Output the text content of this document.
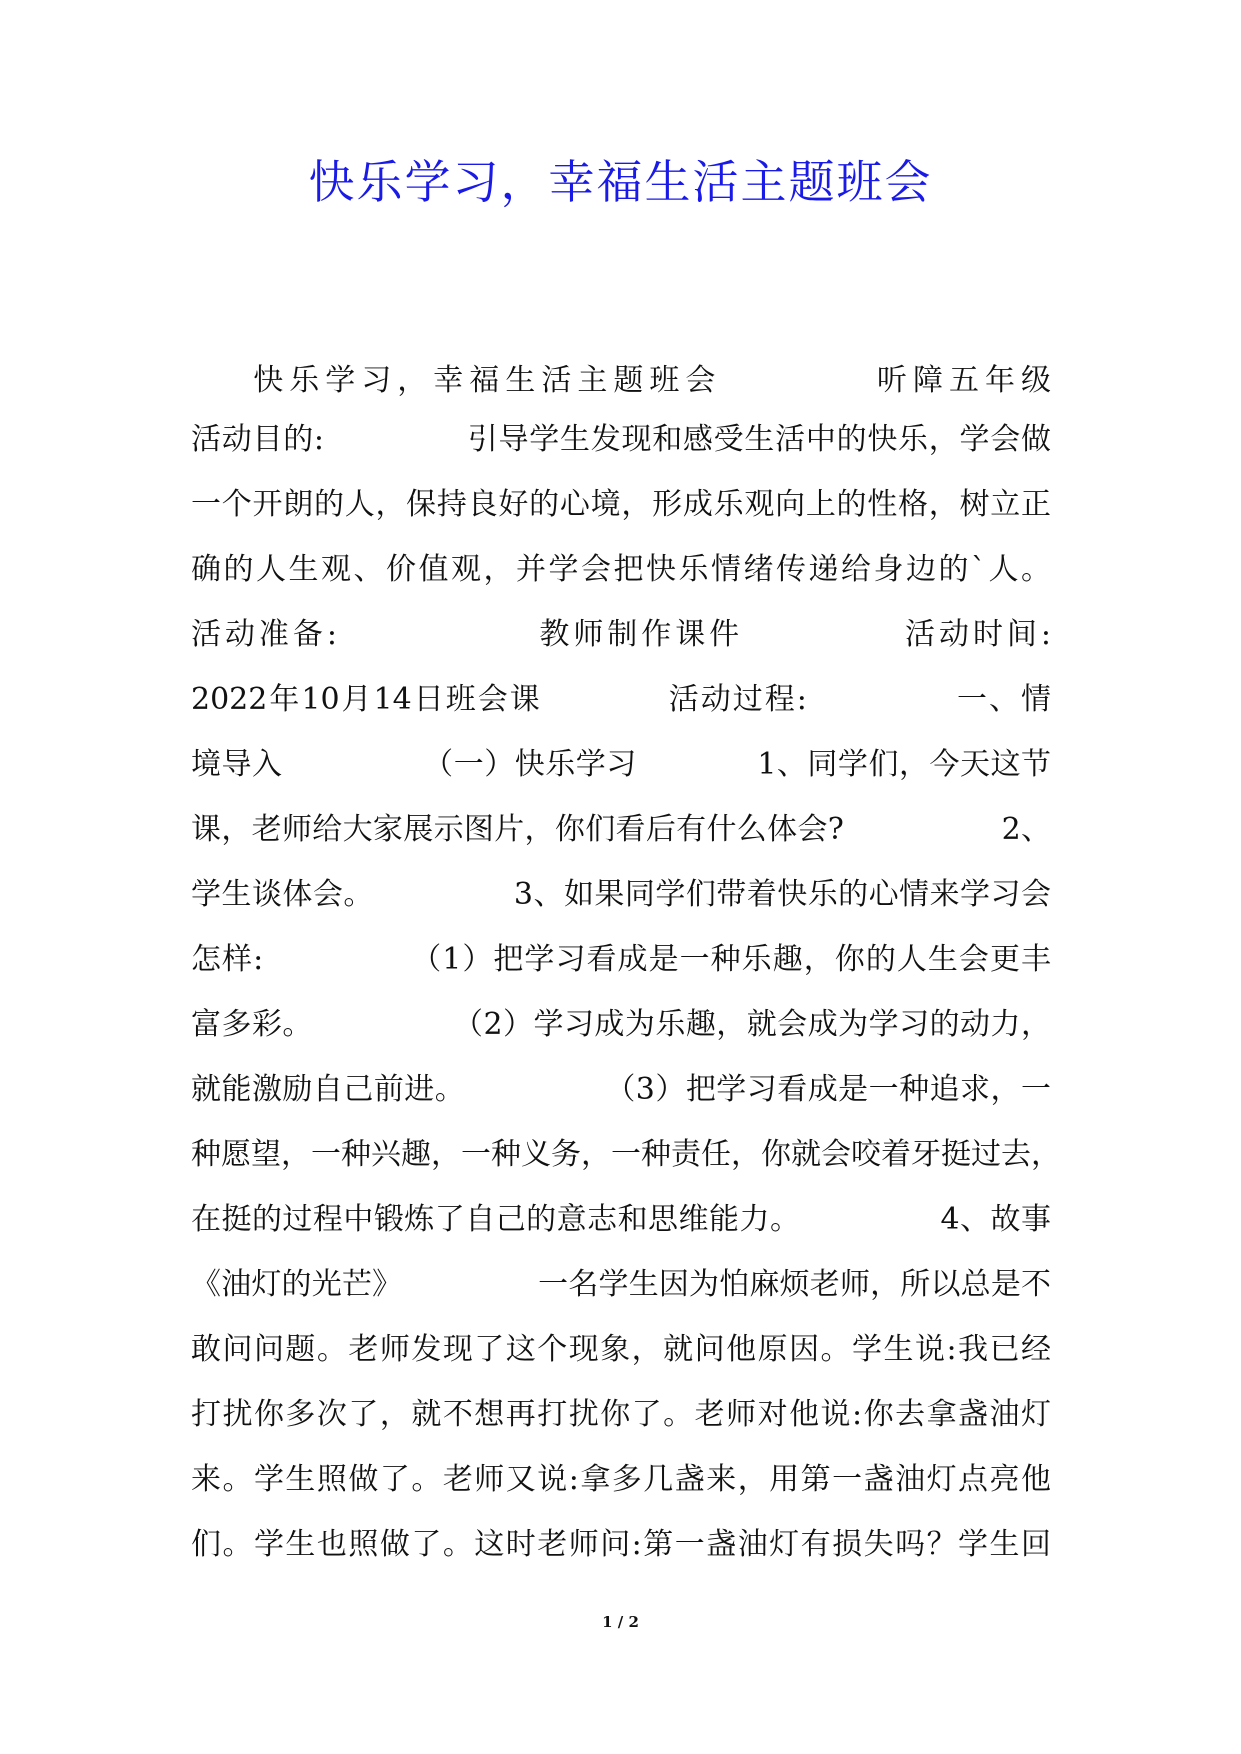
快乐学习，幸福生活主题班会
快乐学习，幸福生活主题班会          听障五年级
活动目的:              引导学生发现和感受生活中的快乐，学会做
一个开朗的人，保持良好的心境，形成乐观向上的性格，树立正
确的人生观、价值观，并学会把快乐情绪传递给身边的`人。
活动准备:               教师制作课件            活动时间:
2022年10月14日班会课           活动过程:             一、情
境导入              （一）快乐学习            1、同学们，今天这节
课，老师给大家展示图片，你们看后有什么体会?                2、
学生谈体会。              3、如果同学们带着快乐的心情来学习会
怎样:              （1）把学习看成是一种乐趣，你的人生会更丰
富多彩。              （2）学习成为乐趣，就会成为学习的动力，
就能激励自己前进。              （3）把学习看成是一种追求，一
种愿望，一种兴趣，一种义务，一种责任，你就会咬着牙挺过去，
在挺的过程中锻炼了自己的意志和思维能力。              4、故事
《油灯的光芒》              一名学生因为怕麻烦老师，所以总是不
敢问问题。老师发现了这个现象，就问他原因。学生说:我已经
打扰你多次了，就不想再打扰你了。老师对他说:你去拿盏油灯
来。学生照做了。老师又说:拿多几盏来，用第一盏油灯点亮他
们。学生也照做了。这时老师问:第一盏油灯有损失吗？学生回
1 / 2
